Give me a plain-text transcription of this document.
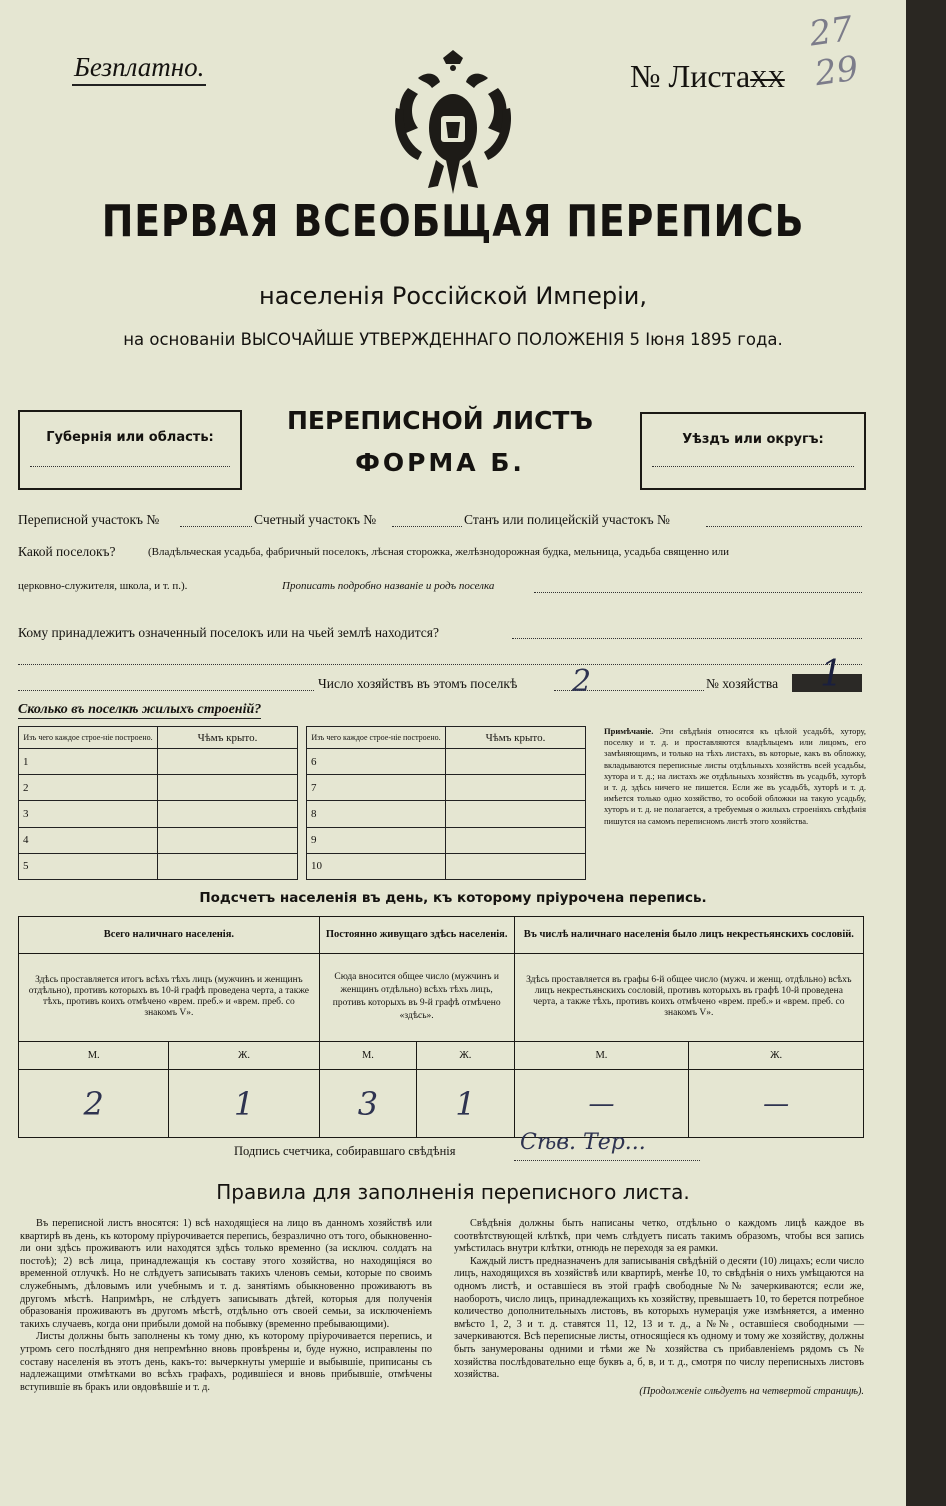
Безплатно.	№ ЛистаXX
27 29
ПЕРВАЯ ВСЕОБЩАЯ ПЕРЕПИСЬ
населенія Россійской Имперіи,
на основаніи ВЫСОЧАЙШЕ УТВЕРЖДЕННАГО ПОЛОЖЕНІЯ 5 Іюня 1895 года.
Губернія или область:
ПЕРЕПИСНОЙ ЛИСТЪ
ФОРМА Б.
Уѣздъ или округъ:
Переписной участокъ №	Счетный участокъ №	Станъ или полицейскій участокъ №
Какой поселокъ?	(Владѣльческая усадьба, фабричный поселокъ, лѣсная сторожка, желѣзнодорожная будка, мельница, усадьба священно или
церковно-служителя, школа, и т. п.).	Прописать подробно названіе и родъ поселка
Кому принадлежитъ означенный поселокъ или на чьей землѣ находится?
Число хозяйствъ въ этомъ поселкѣ 2	№ хозяйства 1
Сколько въ поселкѣ жилыхъ строеній?
Изъ чего каждое строе-ніе построено.	Чѣмъ крыто.
1	
2	
3	
4	
5	
Изъ чего каждое строе-ніе построено.	Чѣмъ крыто.
6	
7	
8	
9	
10	
Примѣчаніе. Эти свѣдѣнія относятся къ цѣлой усадьбѣ, хутору, поселку и т. д. и проставляются владѣльцемъ или лицомъ, его замѣняющимъ, и только на тѣхъ листахъ, въ которые, какъ въ обложку, вкладываются переписные листы отдѣльныхъ хозяйствъ всей усадьбы, хутора и т. д.; на листахъ же отдѣльныхъ хозяйствъ въ усадьбѣ, хуторѣ и т. д. здѣсь ничего не пишется. Если же въ усадьбѣ, хуторѣ и т. д. имѣется только одно хозяйство, то особой обложки на такую усадьбу, хуторъ и т. д. не полагается, а требуемыя о жилыхъ строеніяхъ свѣдѣнія пишутся на самомъ переписномъ листѣ этого хозяйства.
Подсчетъ населенія въ день, къ которому пріурочена перепись.
Всего наличнаго населенія.		Постоянно живущаго здѣсь населенія.		Въ числѣ наличнаго населенія было лицъ некрестьянскихъ сословій.	
Здѣсь проставляется итогъ всѣхъ тѣхъ лицъ (мужчинъ и женщинъ отдѣльно), противъ которыхъ въ 10-й графѣ проведена черта, а также тѣхъ, противъ коихъ отмѣчено «врем. преб.» и «врем. преб. со знакомъ V».		Сюда вносится общее число (мужчинъ и женщинъ отдѣльно) всѣхъ тѣхъ лицъ, противъ которыхъ въ 9-й графѣ отмѣчено «здѣсь».		Здѣсь проставляется въ графы 6-й общее число (мужч. и женщ. отдѣльно) всѣхъ лицъ некрестьянскихъ сословій, противъ которыхъ въ графѣ 10-й проведена черта, а также тѣхъ, противъ коихъ отмѣчено «врем. преб.» и «врем. преб. со знакомъ V».	
М.	Ж.	М.	Ж.	М.	Ж.
2	1	3	1	—	—
Подпись счетчика, собиравшаго свѣдѣнія	Сѣв. Тер...
Правила для заполненія переписного листа.
Въ переписной листъ вносятся: 1) всѣ находящіеся на лицо въ данномъ хозяйствѣ или квартирѣ въ день, къ которому пріурочивается перепись, безразлично отъ того, обыкновенно-ли они здѣсь проживаютъ или находятся здѣсь только временно (за исключ. солдатъ на постоѣ); 2) всѣ лица, принадлежащія къ составу этого хозяйства, но находящіяся во временной отлучкѣ. Но не слѣдуетъ записывать такихъ членовъ семьи, которые по своимъ служебнымъ, дѣловымъ или учебнымъ и т. д. занятіямъ обыкновенно проживаютъ въ другомъ мѣстѣ. Напримѣръ, не слѣдуетъ записывать дѣтей, которыя для полученія образованія проживаютъ въ другомъ мѣстѣ, отдѣльно отъ своей семьи, за исключеніемъ такихъ случаевъ, когда они прибыли домой на побывку (временно пребывающими).
Листы должны быть заполнены къ тому дню, къ которому пріурочивается перепись, и утромъ сего послѣдняго дня непремѣнно вновь провѣрены и, буде нужно, исправлены по составу населенія въ этотъ день, какъ-то: вычеркнуты умершіе и выбывшіе, приписаны съ надлежащими отмѣтками во всѣхъ графахъ, родившіеся и вновь прибывшіе, отмѣчены вступившіе въ бракъ или овдовѣвшіе и т. д.
Свѣдѣнія должны быть написаны четко, отдѣльно о каждомъ лицѣ каждое въ соотвѣтствующей клѣткѣ, при чемъ слѣдуетъ писать такимъ образомъ, чтобы вся запись умѣстилась внутри клѣтки, отнюдь не переходя за ея рамки.
Каждый листъ предназначенъ для записыванія свѣдѣній о десяти (10) лицахъ; если число лицъ, находящихся въ хозяйствѣ или квартирѣ, менѣе 10, то свѣдѣнія о нихъ умѣщаются на одномъ листѣ, и оставшіеся въ этой графѣ свободные №№ зачеркиваются; если же, наоборотъ, число лицъ, принадлежащихъ къ хозяйству, превышаетъ 10, то берется потребное количество дополнительныхъ листовъ, въ которыхъ нумерація уже измѣняется, а именно вмѣсто 1, 2, 3 и т. д. ставятся 11, 12, 13 и т. д., а №№, оставшіеся свободными — зачеркиваются. Всѣ переписные листы, относящіеся къ одному и тому же хозяйству, должны быть занумерованы одними и тѣми же № хозяйства съ прибавленіемъ рядомъ съ № хозяйства послѣдовательно еще буквъ а, б, в, и т. д., смотря по числу переписныхъ листовъ хозяйства.
(Продолженіе слѣдуетъ на четвертой страницѣ).
